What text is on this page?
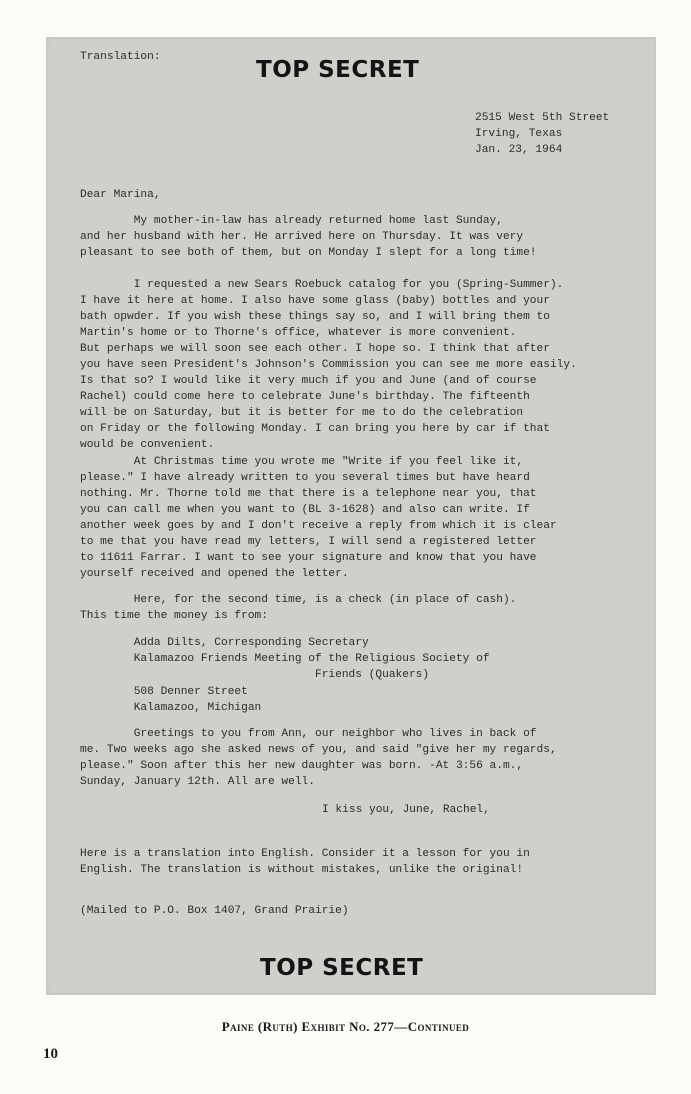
Translation:	TOP SECRET
2515 West 5th Street
Irving, Texas
Jan. 23, 1964
Dear Marina,
My mother-in-law has already returned home last Sunday,
and her husband with her. He arrived here on Thursday. It was very
pleasant to see both of them, but on Monday I slept for a long time!
I requested a new Sears Roebuck catalog for you (Spring-Summer).
I have it here at home. I also have some glass (baby) bottles and your
bath opwder. If you wish these things say so, and I will bring them to
Martin's home or to Thorne's office, whatever is more convenient.
But perhaps we will soon see each other. I hope so. I think that after
you have seen President's Johnson's Commission you can see me more easily.
Is that so? I would like it very much if you and June (and of course
Rachel) could come here to celebrate June's birthday. The fifteenth
will be on Saturday, but it is better for me to do the celebration
on Friday or the following Monday. I can bring you here by car if that
would be convenient.
At Christmas time you wrote me "Write if you feel like it,
please." I have already written to you several times but have heard
nothing. Mr. Thorne told me that there is a telephone near you, that
you can call me when you want to (BL 3-1628) and also can write. If
another week goes by and I don't receive a reply from which it is clear
to me that you have read my letters, I will send a registered letter
to 11611 Farrar. I want to see your signature and know that you have
yourself received and opened the letter.
Here, for the second time, is a check (in place of cash).
This time the money is from:
Adda Dilts, Corresponding Secretary
Kalamazoo Friends Meeting of the Religious Society of
Friends (Quakers)
508 Denner Street
Kalamazoo, Michigan
Greetings to you from Ann, our neighbor who lives in back of
me. Two weeks ago she asked news of you, and said "give her my regards,
please." Soon after this her new daughter was born. -At 3:56 a.m.,
Sunday, January 12th. All are well.
I kiss you, June, Rachel,
Here is a translation into English. Consider it a lesson for you in
English. The translation is without mistakes, unlike the original!
(Mailed to P.O. Box 1407, Grand Prairie)
TOP SECRET
Paine (Ruth) Exhibit No. 277—Continued
10
